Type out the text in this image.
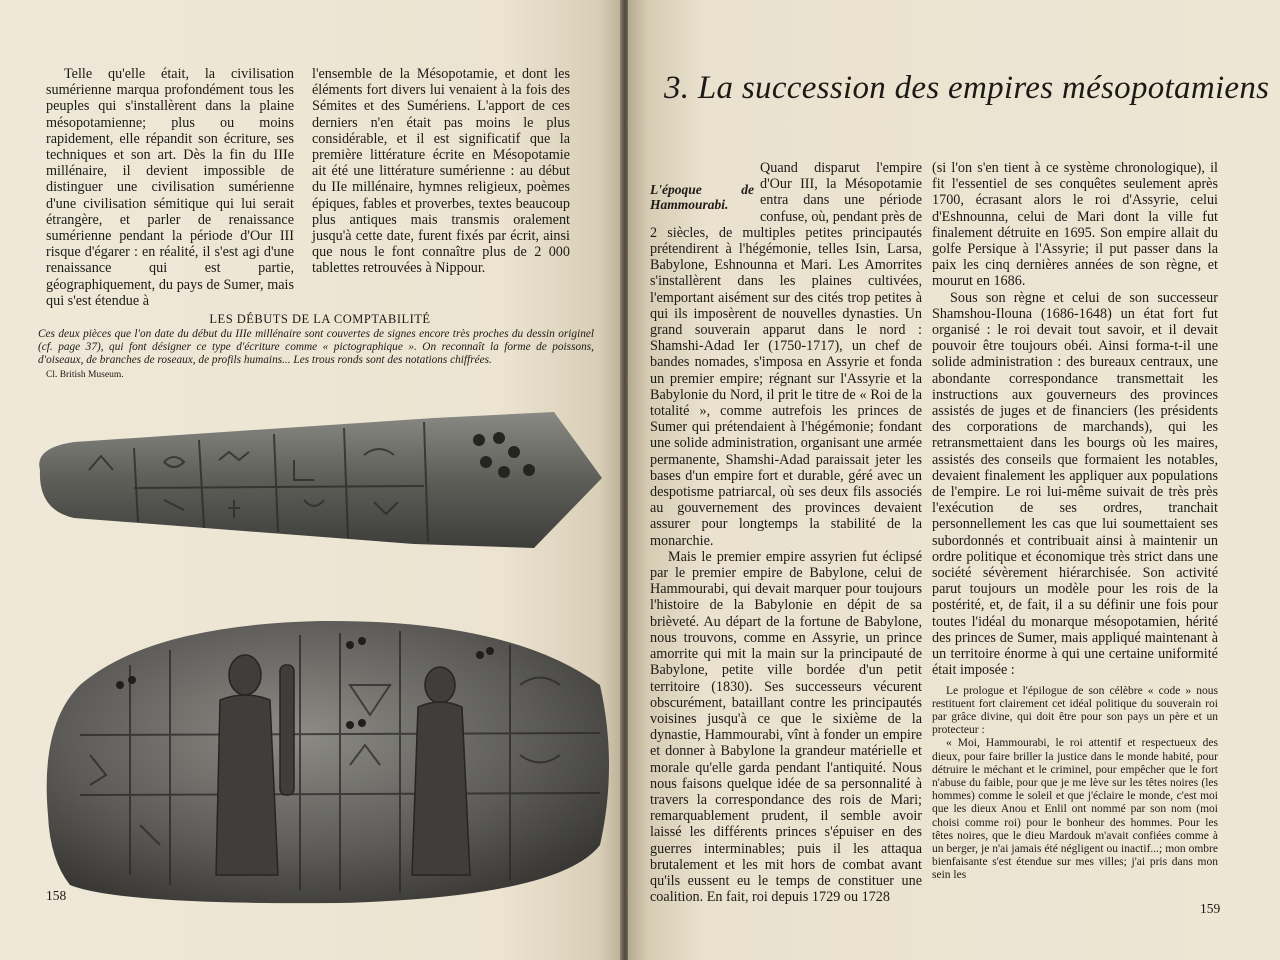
Telle qu'elle était, la civilisation sumérienne marqua profondément tous les peuples qui s'installèrent dans la plaine mésopotamienne; plus ou moins rapidement, elle répandit son écriture, ses techniques et son art. Dès la fin du IIIe millénaire, il devient impossible de distinguer une civilisation sumérienne d'une civilisation sémitique qui lui serait étrangère, et parler de renaissance sumérienne pendant la période d'Our III risque d'égarer : en réalité, il s'est agi d'une renaissance qui est partie, géographiquement, du pays de Sumer, mais qui s'est étendue à

l'ensemble de la Mésopotamie, et dont les éléments fort divers lui venaient à la fois des Sémites et des Sumériens. L'apport de ces derniers n'en était pas moins le plus considérable, et il est significatif que la première littérature écrite en Mésopotamie ait été une littérature sumérienne : au début du IIe millénaire, hymnes religieux, poèmes épiques, fables et proverbes, textes beaucoup plus antiques mais transmis oralement jusqu'à cette date, furent fixés par écrit, ainsi que nous le font connaître plus de 2 000 tablettes retrouvées à Nippour.

LES DÉBUTS DE LA COMPTABILITÉ
Ces deux pièces que l'on date du début du IIIe millénaire sont couvertes de signes encore très proches du dessin originel (cf. page 37), qui font désigner ce type d'écriture comme « pictographique ». On reconnaît la forme de poissons, d'oiseaux, de branches de roseaux, de profils humains... Les trous ronds sont des notations chiffrées.
Cl. British Museum.
158
3. La succession des empires mésopotamiens
L'époque de Hammourabi.

Quand disparut l'empire d'Our III, la Mésopotamie entra dans une période confuse, où, pendant près de 2 siècles, de multiples petites principautés prétendirent à l'hégémonie, telles Isin, Larsa, Babylone, Eshnounna et Mari. Les Amorrites s'installèrent dans les plaines cultivées, l'emportant aisément sur des cités trop petites à qui ils imposèrent de nouvelles dynasties. Un grand souverain apparut dans le nord : Shamshi-Adad Ier (1750-1717), un chef de bandes nomades, s'imposa en Assyrie et fonda un premier empire; régnant sur l'Assyrie et la Babylonie du Nord, il prit le titre de « Roi de la totalité », comme autrefois les princes de Sumer qui prétendaient à l'hégémonie; fondant une solide administration, organisant une armée permanente, Shamshi-Adad paraissait jeter les bases d'un empire fort et durable, géré avec un despotisme patriarcal, où ses deux fils associés au gouvernement des provinces devaient assurer pour longtemps la stabilité de la monarchie.

Mais le premier empire assyrien fut éclipsé par le premier empire de Babylone, celui de Hammourabi, qui devait marquer pour toujours l'histoire de la Babylonie en dépit de sa brièveté. Au départ de la fortune de Babylone, nous trouvons, comme en Assyrie, un prince amorrite qui mit la main sur la principauté de Babylone, petite ville bordée d'un petit territoire (1830). Ses successeurs vécurent obscurément, bataillant contre les principautés voisines jusqu'à ce que le sixième de la dynastie, Hammourabi, vînt à fonder un empire et donner à Babylone la grandeur matérielle et morale qu'elle garda pendant l'antiquité. Nous nous faisons quelque idée de sa personnalité à travers la correspondance des rois de Mari; remarquablement prudent, il semble avoir laissé les différents princes s'épuiser en des guerres interminables; puis il les attaqua brutalement et les mit hors de combat avant qu'ils eussent eu le temps de constituer une coalition. En fait, roi depuis 1729 ou 1728

(si l'on s'en tient à ce système chronologique), il fit l'essentiel de ses conquêtes seulement après 1700, écrasant alors le roi d'Assyrie, celui d'Eshnounna, celui de Mari dont la ville fut finalement détruite en 1695. Son empire allait du golfe Persique à l'Assyrie; il put passer dans la paix les cinq dernières années de son règne, et mourut en 1686.

Sous son règne et celui de son successeur Shamshou-Ilouna (1686-1648) un état fort fut organisé : le roi devait tout savoir, et il devait pouvoir être toujours obéi. Ainsi forma-t-il une solide administration : des bureaux centraux, une abondante correspondance transmettait les instructions aux gouverneurs des provinces assistés de juges et de financiers (les présidents des corporations de marchands), qui les retransmettaient dans les bourgs où les maires, assistés des conseils que formaient les notables, devaient finalement les appliquer aux populations de l'empire. Le roi lui-même suivait de très près l'exécution de ses ordres, tranchait personnellement les cas que lui soumettaient ses subordonnés et contribuait ainsi à maintenir un ordre politique et économique très strict dans une société sévèrement hiérarchisée. Son activité parut toujours un modèle pour les rois de la postérité, et, de fait, il a su définir une fois pour toutes l'idéal du monarque mésopotamien, hérité des princes de Sumer, mais appliqué maintenant à un territoire énorme à qui une certaine uniformité était imposée :

Le prologue et l'épilogue de son célèbre « code » nous restituent fort clairement cet idéal politique du souverain roi par grâce divine, qui doit être pour son pays un père et un protecteur :

« Moi, Hammourabi, le roi attentif et respectueux des dieux, pour faire briller la justice dans le monde habité, pour détruire le méchant et le criminel, pour empêcher que le fort n'abuse du faible, pour que je me lève sur les têtes noires (les hommes) comme le soleil et que j'éclaire le monde, c'est moi que les dieux Anou et Enlil ont nommé par son nom (moi choisi comme roi) pour le bonheur des hommes. Pour les têtes noires, que le dieu Mardouk m'avait confiées comme à un berger, je n'ai jamais été négligent ou inactif...; mon ombre bienfaisante s'est étendue sur mes villes; j'ai pris dans mon sein les

159
